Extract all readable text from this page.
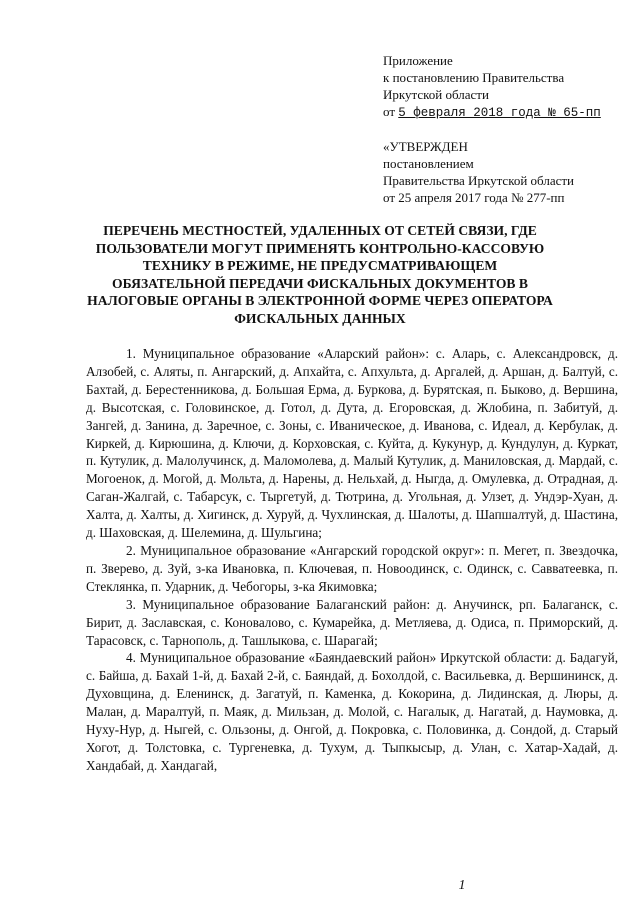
Приложение
к постановлению Правительства
Иркутской области
от 5 февраля 2018 года № 65-пп
«УТВЕРЖДЕН
постановлением
Правительства Иркутской области
от 25 апреля 2017 года № 277-пп
ПЕРЕЧЕНЬ МЕСТНОСТЕЙ, УДАЛЕННЫХ ОТ СЕТЕЙ СВЯЗИ, ГДЕ ПОЛЬЗОВАТЕЛИ МОГУТ ПРИМЕНЯТЬ КОНТРОЛЬНО-КАССОВУЮ ТЕХНИКУ В РЕЖИМЕ, НЕ ПРЕДУСМАТРИВАЮЩЕМ ОБЯЗАТЕЛЬНОЙ ПЕРЕДАЧИ ФИСКАЛЬНЫХ ДОКУМЕНТОВ В НАЛОГОВЫЕ ОРГАНЫ В ЭЛЕКТРОННОЙ ФОРМЕ ЧЕРЕЗ ОПЕРАТОРА ФИСКАЛЬНЫХ ДАННЫХ

1. Муниципальное образование «Аларский район»: с. Аларь, с. Александровск, д. Алзобей, с. Аляты, п. Ангарский, д. Апхайта, с. Апхульта, д. Аргалей, д. Аршан, д. Балтуй, с. Бахтай, д. Берестенникова, д. Большая Ерма, д. Буркова, д. Бурятская, п. Быково, д. Вершина, д. Высотская, с. Головинское, д. Готол, д. Дута, д. Егоровская, д. Жлобина, п. Забитуй, д. Зангей, д. Занина, д. Заречное, с. Зоны, с. Иваническое, д. Иванова, с. Идеал, д. Кербулак, д. Киркей, д. Кирюшина, д. Ключи, д. Корховская, с. Куйта, д. Кукунур, д. Кундулун, д. Куркат, п. Кутулик, д. Малолучинск, д. Маломолева, д. Малый Кутулик, д. Маниловская, д. Мардай, с. Могоенок, д. Могой, д. Мольта, д. Нарены, д. Нельхай, д. Ныгда, д. Омулевка, д. Отрадная, д. Саган-Жалгай, с. Табарсук, с. Тыргетуй, д. Тютрина, д. Угольная, д. Улзет, д. Ундэр-Хуан, д. Халта, д. Халты, д. Хигинск, д. Хуруй, д. Чухлинская, д. Шалоты, д. Шапшалтуй, д. Шастина, д. Шаховская, д. Шелемина, д. Шульгина;

2. Муниципальное образование «Ангарский городской округ»: п. Мегет, п. Звездочка, п. Зверево, д. Зуй, з-ка Ивановка, п. Ключевая, п. Новоодинск, с. Одинск, с. Савватеевка, п. Стеклянка, п. Ударник, д. Чебогоры, з-ка Якимовка;

3. Муниципальное образование Балаганский район: д. Анучинск, рп. Балаганск, с. Бирит, д. Заславская, с. Коновалово, с. Кумарейка, д. Метляева, д. Одиса, п. Приморский, д. Тарасовск, с. Тарнополь, д. Ташлыкова, с. Шарагай;

4. Муниципальное образование «Баяндаевский район» Иркутской области: д. Бадагуй, с. Байша, д. Бахай 1-й, д. Бахай 2-й, с. Баяндай, д. Бохолдой, с. Васильевка, д. Вершининск, д. Духовщина, д. Еленинск, д. Загатуй, п. Каменка, д. Кокорина, д. Лидинская, д. Люры, д. Малан, д. Маралтуй, п. Маяк, д. Мильзан, д. Молой, с. Нагалык, д. Нагатай, д. Наумовка, д. Нуху-Нур, д. Ныгей, с. Ользоны, д. Онгой, д. Покровка, с. Половинка, д. Сондой, д. Старый Хогот, д. Толстовка, с. Тургеневка, д. Тухум, д. Тыпкысыр, д. Улан, с. Хатар-Хадай, д. Хандабай, д. Хандагай,

1
